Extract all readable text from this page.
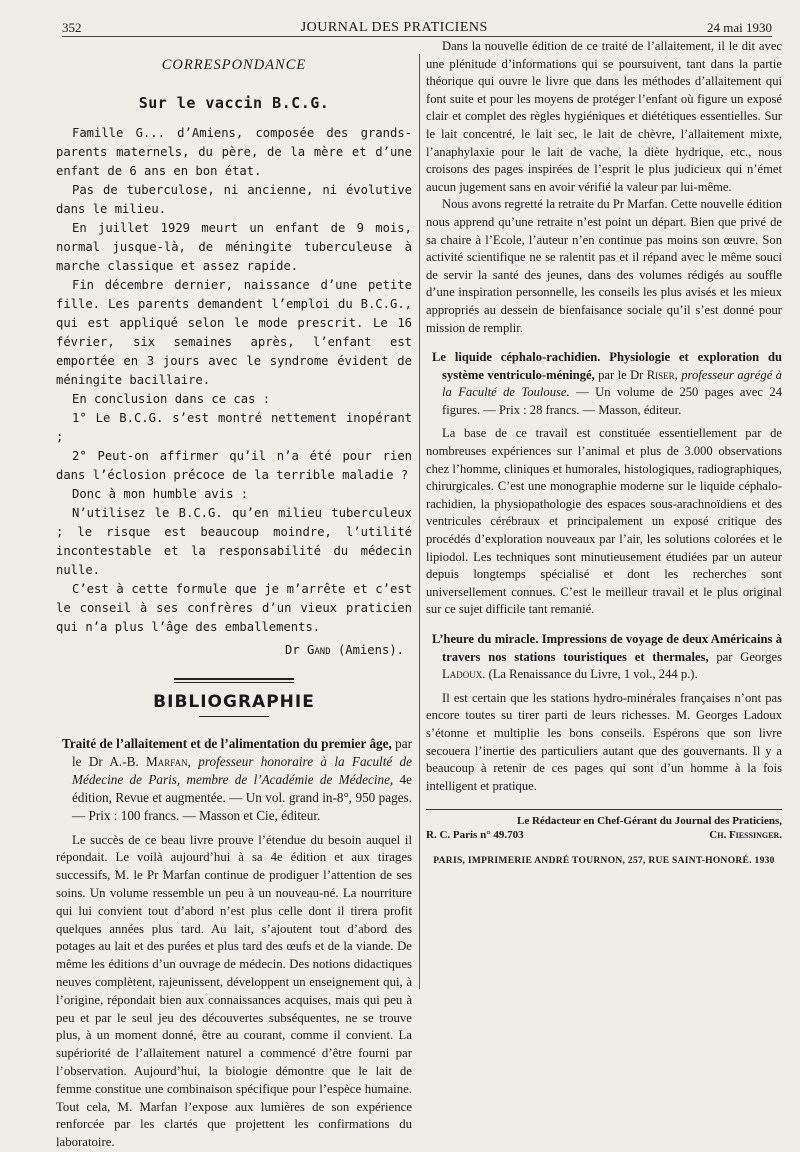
352	JOURNAL DES PRATICIENS	24 mai 1930
CORRESPONDANCE
Sur le vaccin B.C.G.

Famille G... d’Amiens, composée des grands-parents maternels, du père, de la mère et d’une enfant de 6 ans en bon état.

Pas de tuberculose, ni ancienne, ni évolutive dans le milieu.

En juillet 1929 meurt un enfant de 9 mois, normal jusque-là, de méningite tuberculeuse à marche classique et assez rapide.

Fin décembre dernier, naissance d’une petite fille. Les parents demandent l’emploi du B.C.G., qui est appliqué selon le mode prescrit. Le 16 février, six semaines après, l’enfant est emportée en 3 jours avec le syndrome évident de méningite bacillaire.

En conclusion dans ce cas :

1° Le B.C.G. s’est montré nettement inopérant ;

2° Peut-on affirmer qu’il n’a été pour rien dans l’éclosion précoce de la terrible maladie ?

Donc à mon humble avis :

N’utilisez le B.C.G. qu’en milieu tuberculeux ; le risque est beaucoup moindre, l’utilité incontestable et la responsabilité du médecin nulle.

C’est à cette formule que je m’arrête et c’est le conseil à ses confrères d’un vieux praticien qui n’a plus l’âge des emballements.

Dr Gand (Amiens).
BIBLIOGRAPHIE

Traité de l’allaitement et de l’alimentation du premier âge, par le Dr A.-B. Marfan, professeur honoraire à la Faculté de Médecine de Paris, membre de l’Académie de Médecine, 4e édition, Revue et augmentée. — Un vol. grand in-8°, 950 pages. — Prix : 100 francs. — Masson et Cie, éditeur.

Le succès de ce beau livre prouve l’étendue du besoin auquel il répondait. Le voilà aujourd’hui à sa 4e édition et aux tirages successifs, M. le Pr Marfan continue de prodiguer l’attention de ses soins. Un volume ressemble un peu à un nouveau-né. La nourriture qui lui convient tout d’abord n’est plus celle dont il tirera profit quelques années plus tard. Au lait, s’ajoutent tout d’abord des potages au lait et des purées et plus tard des œufs et de la viande. De même les éditions d’un ouvrage de médecin. Des notions didactiques neuves complètent, rajeunissent, développent un enseignement qui, à l’origine, répondait bien aux connaissances acquises, mais qui peu à peu et par le seul jeu des découvertes subséquentes, ne se trouve plus, à un moment donné, être au courant, comme il convient. La supériorité de l’allaitement naturel a commencé d’être fourni par l’observation. Aujourd’hui, la biologie démontre que le lait de femme constitue une combinaison spécifique pour l’espèce humaine. Tout cela, M. Marfan l’expose aux lumières de son expérience renforcée par les clartés que projettent les confirmations du laboratoire.

Dans la nouvelle édition de ce traité de l’allaitement, il le dit avec une plénitude d’informations qui se poursuivent, tant dans la partie théorique qui ouvre le livre que dans les méthodes d’allaitement qui font suite et pour les moyens de protéger l’enfant où figure un exposé clair et complet des règles hygiéniques et diététiques essentielles. Sur le lait concentré, le lait sec, le lait de chèvre, l’allaitement mixte, l’anaphylaxie pour le lait de vache, la diète hydrique, etc., nous croisons des pages inspirées de l’esprit le plus judicieux qui n’émet aucun jugement sans en avoir vérifié la valeur par lui-même.

Nous avons regretté la retraite du Pr Marfan. Cette nouvelle édition nous apprend qu’une retraite n’est point un départ. Bien que privé de sa chaire à l’Ecole, l’auteur n’en continue pas moins son œuvre. Son activité scientifique ne se ralentit pas et il répand avec le même souci de servir la santé des jeunes, dans des volumes rédigés au souffle d’une inspiration personnelle, les conseils les plus avisés et les mieux appropriés au dessein de bienfaisance sociale qu’il s’est donné pour mission de remplir.

Le liquide céphalo-rachidien. Physiologie et exploration du système ventriculo-méningé, par le Dr Riser, professeur agrégé à la Faculté de Toulouse. — Un volume de 250 pages avec 24 figures. — Prix : 28 francs. — Masson, éditeur.

La base de ce travail est constituée essentiellement par de nombreuses expériences sur l’animal et plus de 3.000 observations chez l’homme, cliniques et humorales, histologiques, radiographiques, chirurgicales. C’est une monographie moderne sur le liquide céphalo-rachidien, la physiopathologie des espaces sous-arachnoïdiens et des ventricules cérébraux et principalement un exposé critique des procédés d’exploration nouveaux par l’air, les solutions colorées et le lipiodol. Les techniques sont minutieusement étudiées par un auteur depuis longtemps spécialisé et dont les recherches sont universellement connues. C’est le meilleur travail et le plus original sur ce sujet difficile tant remanié.

L’heure du miracle. Impressions de voyage de deux Américains à travers nos stations touristiques et thermales, par Georges Ladoux. (La Renaissance du Livre, 1 vol., 244 p.).

Il est certain que les stations hydro-minérales françaises n’ont pas encore toutes su tirer parti de leurs richesses. M. Georges Ladoux s’étonne et multiplie les bons conseils. Espérons que son livre secouera l’inertie des particuliers autant que des gouvernants. Il y a beaucoup à retenir de ces pages qui sont d’un homme à la fois intelligent et pratique.

Le Rédacteur en Chef-Gérant du Journal des Praticiens,
R. C. Paris n° 49.703	Ch. Fiessinger.
PARIS, IMPRIMERIE ANDRÉ TOURNON, 257, RUE SAINT-HONORÉ. 1930
